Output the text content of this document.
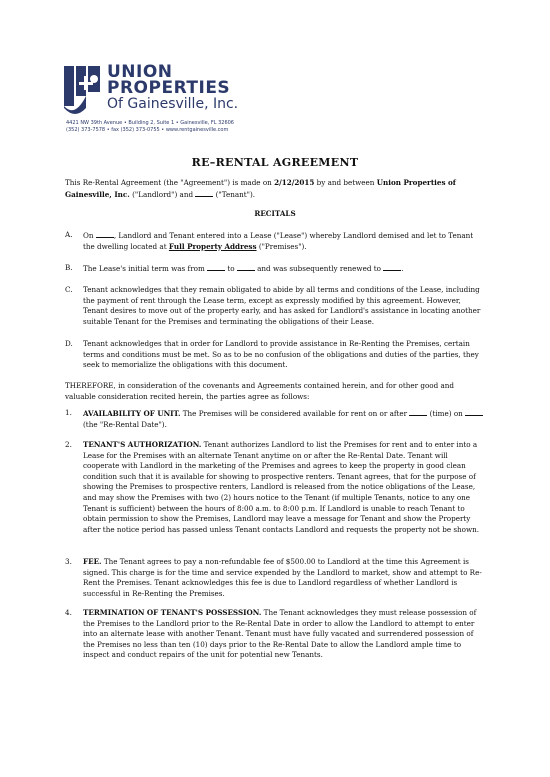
UNION
PROPERTIES
Of Gainesville, Inc.
4421 NW 39th Avenue • Building 2, Suite 1 • Gainesville, FL 32606
(352) 373-7578 • fax (352) 373-0755 • www.rentgainesville.com
RE–RENTAL AGREEMENT
This Re-Rental Agreement (the "Agreement") is made on 2/12/2015 by and between Union Properties of Gainesville, Inc. ("Landlord") and	("Tenant").
RECITALS
A. On	, Landlord and Tenant entered into a Lease ("Lease") whereby Landlord demised and let to Tenant the dwelling located at Full Property Address ("Premises").
B. The Lease's initial term was from	to	and was subsequently renewed to	.
C. Tenant acknowledges that they remain obligated to abide by all terms and conditions of the Lease, including the payment of rent through the Lease term, except as expressly modified by this agreement. However, Tenant desires to move out of the property early, and has asked for Landlord's assistance in locating another suitable Tenant for the Premises and terminating the obligations of their Lease.
D. Tenant acknowledges that in order for Landlord to provide assistance in Re-Renting the Premises, certain terms and conditions must be met. So as to be no confusion of the obligations and duties of the parties, they seek to memorialize the obligations with this document.
THEREFORE, in consideration of the covenants and Agreements contained herein, and for other good and valuable consideration recited herein, the parties agree as follows:
1. AVAILABILITY OF UNIT. The Premises will be considered available for rent on or after	(time) on  (the "Re-Rental Date").
2. TENANT'S AUTHORIZATION. Tenant authorizes Landlord to list the Premises for rent and to enter into a Lease for the Premises with an alternate Tenant anytime on or after the Re-Rental Date. Tenant will cooperate with Landlord in the marketing of the Premises and agrees to keep the property in good clean condition such that it is available for showing to prospective renters. Tenant agrees, that for the purpose of showing the Premises to prospective renters, Landlord is released from the notice obligations of the Lease, and may show the Premises with two (2) hours notice to the Tenant (if multiple Tenants, notice to any one Tenant is sufficient) between the hours of 8:00 a.m. to 8:00 p.m. If Landlord is unable to reach Tenant to obtain permission to show the Premises, Landlord may leave a message for Tenant and show the Property after the notice period has passed unless Tenant contacts Landlord and requests the property not be shown.
3. FEE. The Tenant agrees to pay a non-refundable fee of $500.00 to Landlord at the time this Agreement is signed. This charge is for the time and service expended by the Landlord to market, show and attempt to Re-Rent the Premises. Tenant acknowledges this fee is due to Landlord regardless of whether Landlord is successful in Re-Renting the Premises.
4. TERMINATION OF TENANT'S POSSESSION. The Tenant acknowledges they must release possession of the Premises to the Landlord prior to the Re-Rental Date in order to allow the Landlord to attempt to enter into an alternate lease with another Tenant. Tenant must have fully vacated and surrendered possession of the Premises no less than ten (10) days prior to the Re-Rental Date to allow the Landlord ample time to inspect and conduct repairs of the unit for potential new Tenants.
